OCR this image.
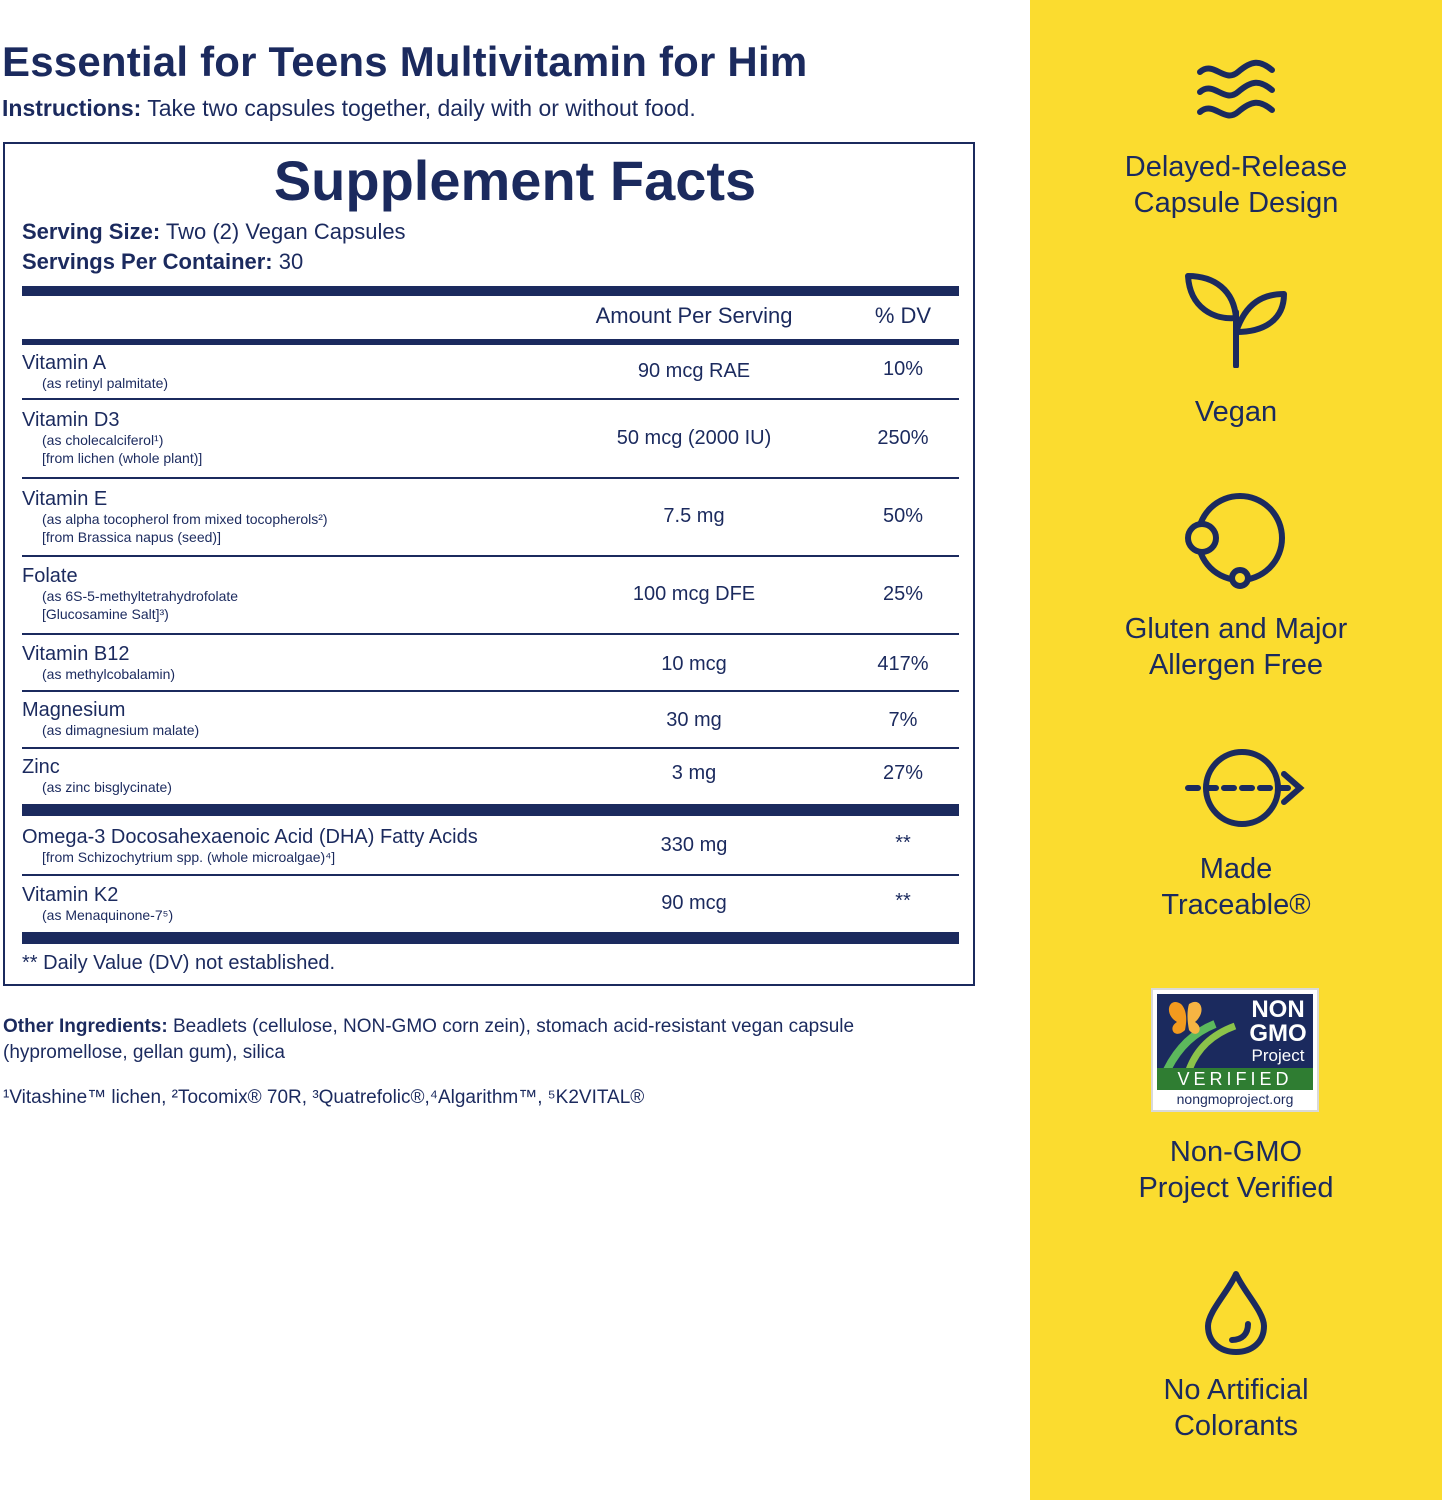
Essential for Teens Multivitamin for Him
Instructions: Take two capsules together, daily with or without food.
Supplement Facts
Serving Size: Two (2) Vegan Capsules
Servings Per Container: 30
Amount Per Serving	% DV
Vitamin A
(as retinyl palmitate)
90 mcg RAE	10%
Vitamin D3
(as cholecalciferol¹)
[from lichen (whole plant)]
50 mcg (2000 IU)	250%
Vitamin E
(as alpha tocopherol from mixed tocopherols²)
[from Brassica napus (seed)]
7.5 mg	50%
Folate
(as 6S-5-methyltetrahydrofolate
[Glucosamine Salt]³)
100 mcg DFE	25%
Vitamin B12
(as methylcobalamin)	10 mcg	417%
Magnesium
(as dimagnesium malate)	30 mg	7%
Zinc
(as zinc bisglycinate)
3 mg	27%
Omega-3 Docosahexaenoic Acid (DHA) Fatty Acids
[from Schizochytrium spp. (whole microalgae)⁴]
330 mg	**
Vitamin K2
(as Menaquinone-7⁵)
90 mcg	**
** Daily Value (DV) not established.
Other Ingredients: Beadlets (cellulose, NON-GMO corn zein), stomach acid-resistant vegan capsule (hypromellose, gellan gum), silica
¹Vitashine™ lichen, ²Tocomix® 70R, ³Quatrefolic®,⁴Algarithm™, ⁵K2VITAL®
Delayed-Release
Capsule Design
Vegan
Gluten and Major
Allergen Free
Made
Traceable®
NON
GMO
Project
VERIFIED
nongmoproject.org
Non-GMO
Project Verified
No Artificial
Colorants
